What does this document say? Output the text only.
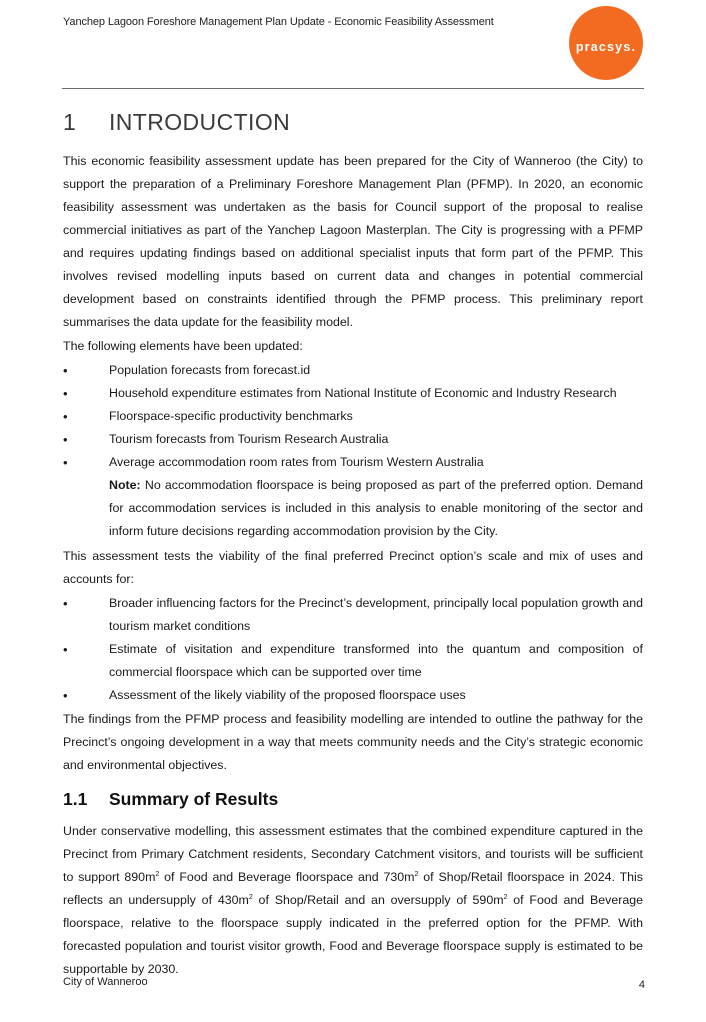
Yanchep Lagoon Foreshore Management Plan Update - Economic Feasibility Assessment
pracsys.
1	INTRODUCTION

This economic feasibility assessment update has been prepared for the City of Wanneroo (the City) to support the preparation of a Preliminary Foreshore Management Plan (PFMP). In 2020, an economic feasibility assessment was undertaken as the basis for Council support of the proposal to realise commercial initiatives as part of the Yanchep Lagoon Masterplan. The City is progressing with a PFMP and requires updating findings based on additional specialist inputs that form part of the PFMP. This involves revised modelling inputs based on current data and changes in potential commercial development based on constraints identified through the PFMP process. This preliminary report summarises the data update for the feasibility model.

The following elements have been updated:

• Population forecasts from forecast.id
• Household expenditure estimates from National Institute of Economic and Industry Research
• Floorspace-specific productivity benchmarks
• Tourism forecasts from Tourism Research Australia
• Average accommodation room rates from Tourism Western Australia

Note: No accommodation floorspace is being proposed as part of the preferred option. Demand for accommodation services is included in this analysis to enable monitoring of the sector and inform future decisions regarding accommodation provision by the City.

This assessment tests the viability of the final preferred Precinct option’s scale and mix of uses and accounts for:

• Broader influencing factors for the Precinct’s development, principally local population growth and tourism market conditions
• Estimate of visitation and expenditure transformed into the quantum and composition of commercial floorspace which can be supported over time
• Assessment of the likely viability of the proposed floorspace uses

The findings from the PFMP process and feasibility modelling are intended to outline the pathway for the Precinct’s ongoing development in a way that meets community needs and the City’s strategic economic and environmental objectives.

1.1	Summary of Results

Under conservative modelling, this assessment estimates that the combined expenditure captured in the Precinct from Primary Catchment residents, Secondary Catchment visitors, and tourists will be sufficient to support $890m^2$ of Food and Beverage floorspace and $730m^2$ of Shop/Retail floorspace in 2024. This reflects an undersupply of $430m^2$ of Shop/Retail and an oversupply of $590m^2$ of Food and Beverage floorspace, relative to the floorspace supply indicated in the preferred option for the PFMP. With forecasted population and tourist visitor growth, Food and Beverage floorspace supply is estimated to be supportable by 2030.

City of Wanneroo	4
